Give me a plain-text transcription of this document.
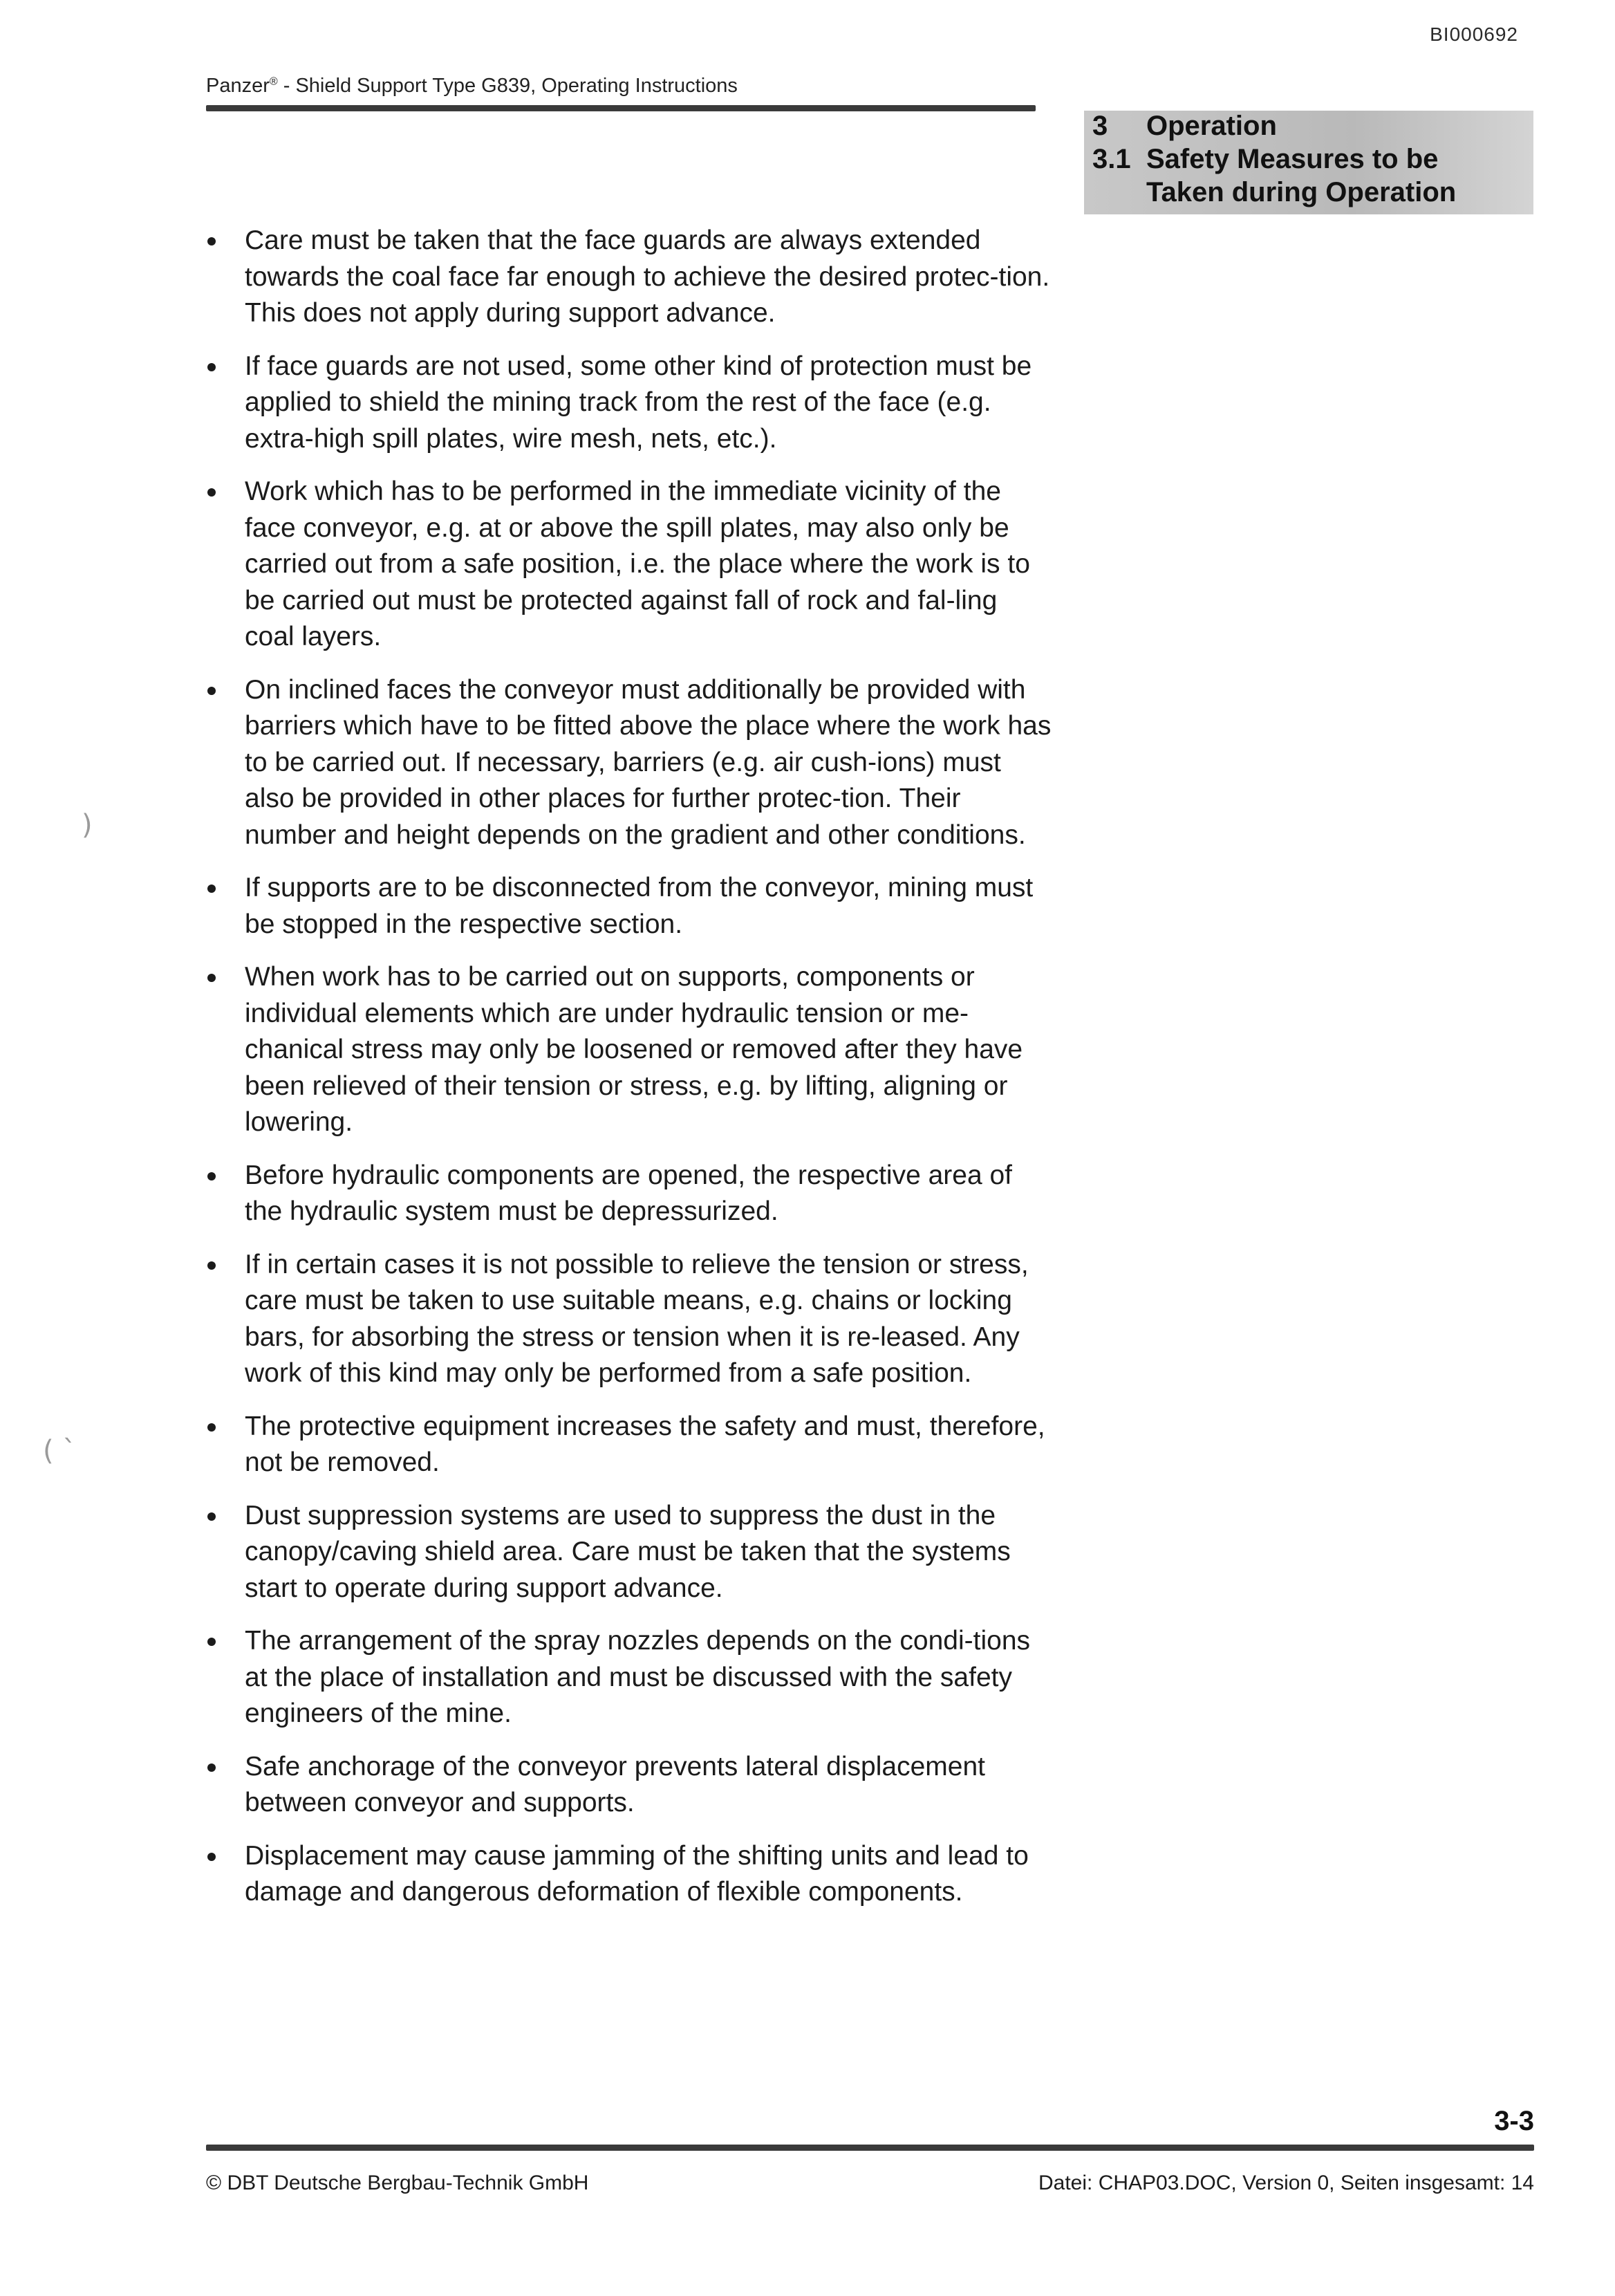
BI000692
Panzer® - Shield Support Type G839, Operating Instructions
3 Operation
3.1 Safety Measures to be
Taken during Operation
Care must be taken that the face guards are always extended towards the coal face far enough to achieve the desired protec-tion. This does not apply during support advance.
If face guards are not used, some other kind of protection must be applied to shield the mining track from the rest of the face (e.g. extra-high spill plates, wire mesh, nets, etc.).
Work which has to be performed in the immediate vicinity of the face conveyor, e.g. at or above the spill plates, may also only be carried out from a safe position, i.e. the place where the work is to be carried out must be protected against fall of rock and fal-ling coal layers.
On inclined faces the conveyor must additionally be provided with barriers which have to be fitted above the place where the work has to be carried out. If necessary, barriers (e.g. air cush-ions) must also be provided in other places for further protec-tion. Their number and height depends on the gradient and other conditions.
If supports are to be disconnected from the conveyor, mining must be stopped in the respective section.
When work has to be carried out on supports, components or individual elements which are under hydraulic tension or me-chanical stress may only be loosened or removed after they have been relieved of their tension or stress, e.g. by lifting, aligning or lowering.
Before hydraulic components are opened, the respective area of the hydraulic system must be depressurized.
If in certain cases it is not possible to relieve the tension or stress, care must be taken to use suitable means, e.g. chains or locking bars, for absorbing the stress or tension when it is re-leased. Any work of this kind may only be performed from a safe position.
The protective equipment increases the safety and must, therefore, not be removed.
Dust suppression systems are used to suppress the dust in the canopy/caving shield area. Care must be taken that the systems start to operate during support advance.
The arrangement of the spray nozzles depends on the condi-tions at the place of installation and must be discussed with the safety engineers of the mine.
Safe anchorage of the conveyor prevents lateral displacement between conveyor and supports.
Displacement may cause jamming of the shifting units and lead to damage and dangerous deformation of flexible components.
3-3
© DBT Deutsche Bergbau-Technik GmbH	Datei: CHAP03.DOC, Version 0, Seiten insgesamt: 14
)
( `
